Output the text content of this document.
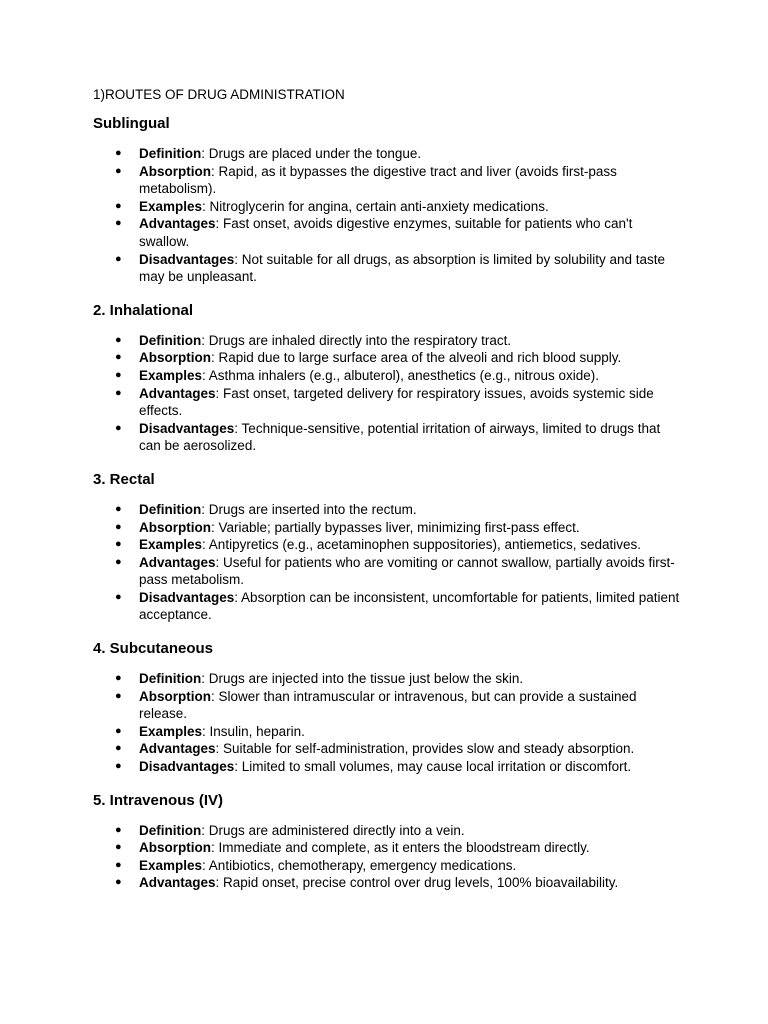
1)ROUTES OF DRUG ADMINISTRATION

Sublingual
● Definition: Drugs are placed under the tongue.
● Absorption: Rapid, as it bypasses the digestive tract and liver (avoids first-pass metabolism).
● Examples: Nitroglycerin for angina, certain anti-anxiety medications.
● Advantages: Fast onset, avoids digestive enzymes, suitable for patients who can't swallow.
● Disadvantages: Not suitable for all drugs, as absorption is limited by solubility and taste may be unpleasant.
2. Inhalational
● Definition: Drugs are inhaled directly into the respiratory tract.
● Absorption: Rapid due to large surface area of the alveoli and rich blood supply.
● Examples: Asthma inhalers (e.g., albuterol), anesthetics (e.g., nitrous oxide).
● Advantages: Fast onset, targeted delivery for respiratory issues, avoids systemic side effects.
● Disadvantages: Technique-sensitive, potential irritation of airways, limited to drugs that can be aerosolized.
3. Rectal
● Definition: Drugs are inserted into the rectum.
● Absorption: Variable; partially bypasses liver, minimizing first-pass effect.
● Examples: Antipyretics (e.g., acetaminophen suppositories), antiemetics, sedatives.
● Advantages: Useful for patients who are vomiting or cannot swallow, partially avoids first-pass metabolism.
● Disadvantages: Absorption can be inconsistent, uncomfortable for patients, limited patient acceptance.
4. Subcutaneous
● Definition: Drugs are injected into the tissue just below the skin.
● Absorption: Slower than intramuscular or intravenous, but can provide a sustained release.
● Examples: Insulin, heparin.
● Advantages: Suitable for self-administration, provides slow and steady absorption.
● Disadvantages: Limited to small volumes, may cause local irritation or discomfort.
5. Intravenous (IV)
● Definition: Drugs are administered directly into a vein.
● Absorption: Immediate and complete, as it enters the bloodstream directly.
● Examples: Antibiotics, chemotherapy, emergency medications.
● Advantages: Rapid onset, precise control over drug levels, 100% bioavailability.
